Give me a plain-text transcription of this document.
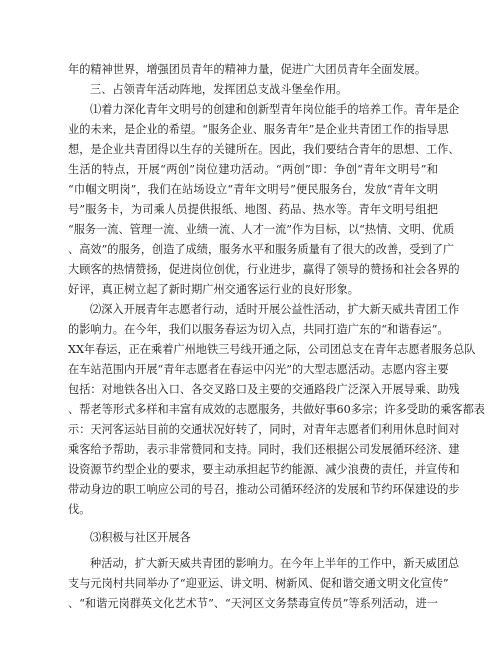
年的精神世界，增强团员青年的精神力量，促进广大团员青年全面发展。
三、占领青年活动阵地，发挥团总支战斗堡垒作用。
⑴着力深化青年文明号的创建和创新型青年岗位能手的培养工作。青年是企
业的未来，是企业的希望。“服务企业、服务青年”是企业共青团工作的指导思
想，是企业共青团得以生存的关键所在。因此，我们要结合青年的思想、工作、
生活的特点，开展“两创”岗位建功活动。“两创”即：争创“青年文明号”和
“巾帼文明岗”，我们在站场设立“青年文明号”便民服务台，发放“青年文明
号”服务卡，为司乘人员提供报纸、地图、药品、热水等。青年文明号组把
“服务一流、管理一流、业绩一流、人才一流”作为目标，以“热情、文明、优质
、高效”的服务，创造了成绩，服务水平和服务质量有了很大的改善，受到了广
大顾客的热情赞扬，促进岗位创优，行业进步，赢得了领导的赞扬和社会各界的
好评，真正树立起了新时期广州交通客运行业的良好形象。
⑵深入开展青年志愿者行动，适时开展公益性活动，扩大新天威共青团工作
的影响力。在今年，我们以服务春运为切入点，共同打造广东的“和谐春运”。
XX年春运，正在乘着广州地铁三号线开通之际，公司团总支在青年志愿者服务总队
在车站范围内开展“青年志愿者在春运中闪光”的大型志愿活动。志愿内容主要
包括：对地铁各出入口、各交叉路口及主要的交通路段广泛深入开展导乘、助残
、帮老等形式多样和丰富有成效的志愿服务，共做好事60多宗；许多受助的乘客都表
示：天河客运站目前的交通状况好转了，同时，对青年志愿者们利用休息时间对
乘客给予帮助，表示非常赞同和支持。同时，我们还根据公司发展循环经济、建
设资源节约型企业的要求，要主动承担起节约能源、减少浪费的责任，并宣传和
带动身边的职工响应公司的号召，推动公司循环经济的发展和节约环保建设的步
伐。
⑶积极与社区开展各
种活动，扩大新天威共青团的影响力。在今年上半年的工作中，新天威团总
支与元岗村共同举办了“迎亚运、讲文明、树新风、促和谐交通文明文化宣传”
、“和谐元岗群英文化艺术节”、“天河区文务禁毒宣传员”等系列活动，进一
